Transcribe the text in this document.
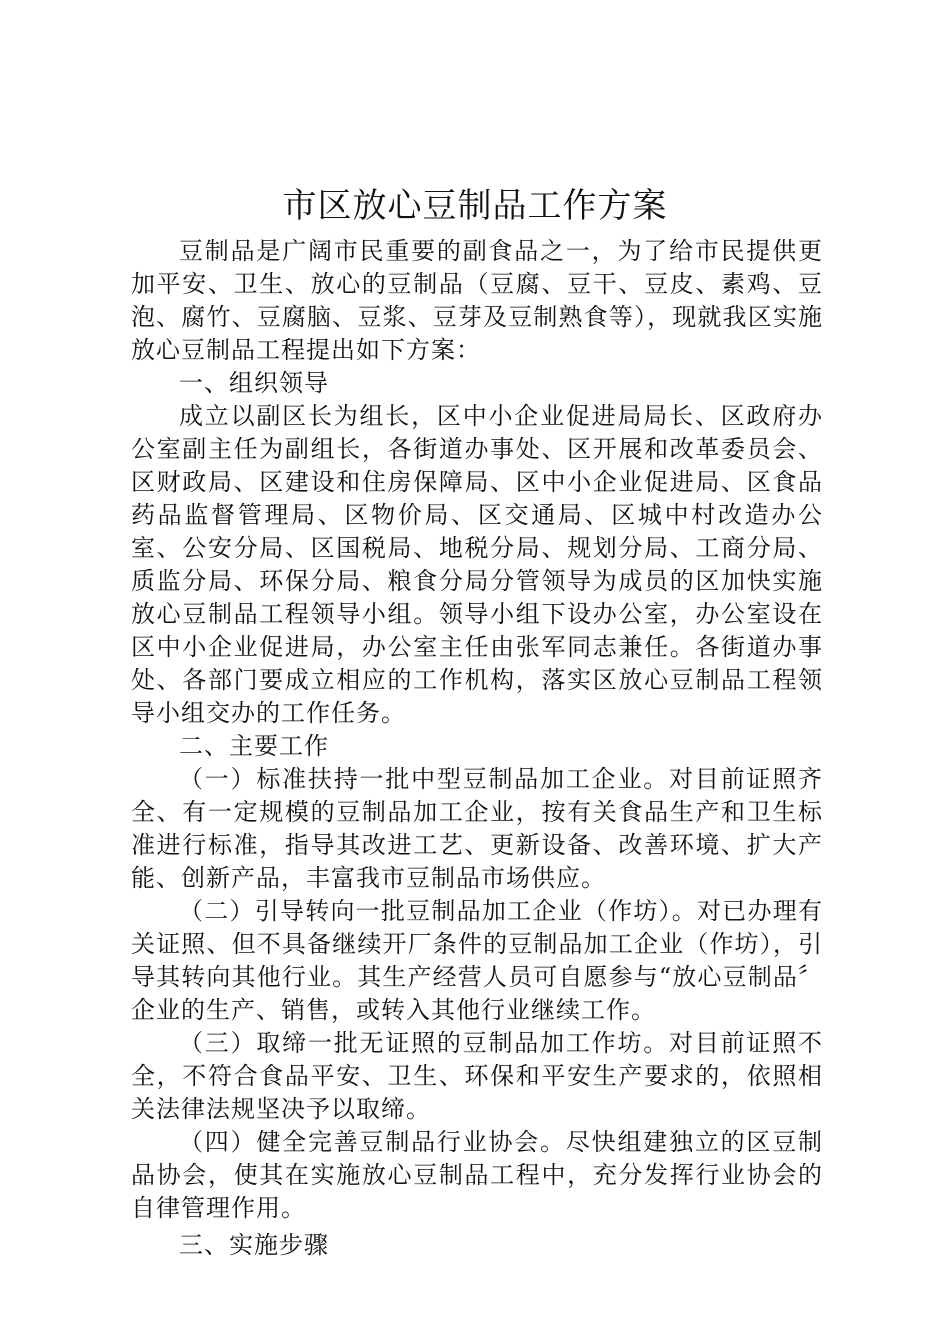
市区放心豆制品工作方案

豆制品是广阔市民重要的副食品之一，为了给市民提供更加平安、卫生、放心的豆制品（豆腐、豆干、豆皮、素鸡、豆泡、腐竹、豆腐脑、豆浆、豆芽及豆制熟食等），现就我区实施放心豆制品工程提出如下方案：

一、组织领导

成立以副区长为组长，区中小企业促进局局长、区政府办公室副主任为副组长，各街道办事处、区开展和改革委员会、区财政局、区建设和住房保障局、区中小企业促进局、区食品药品监督管理局、区物价局、区交通局、区城中村改造办公室、公安分局、区国税局、地税分局、规划分局、工商分局、质监分局、环保分局、粮食分局分管领导为成员的区加快实施放心豆制品工程领导小组。领导小组下设办公室，办公室设在区中小企业促进局，办公室主任由张军同志兼任。各街道办事处、各部门要成立相应的工作机构，落实区放心豆制品工程领导小组交办的工作任务。

二、主要工作

（一）标准扶持一批中型豆制品加工企业。对目前证照齐全、有一定规模的豆制品加工企业，按有关食品生产和卫生标准进行标准，指导其改进工艺、更新设备、改善环境、扩大产能、创新产品，丰富我市豆制品市场供应。

（二）引导转向一批豆制品加工企业（作坊）。对已办理有关证照、但不具备继续开厂条件的豆制品加工企业（作坊），引导其转向其他行业。其生产经营人员可自愿参与“放心豆制品〞企业的生产、销售，或转入其他行业继续工作。

（三）取缔一批无证照的豆制品加工作坊。对目前证照不全，不符合食品平安、卫生、环保和平安生产要求的，依照相关法律法规坚决予以取缔。

（四）健全完善豆制品行业协会。尽快组建独立的区豆制品协会，使其在实施放心豆制品工程中，充分发挥行业协会的自律管理作用。

三、实施步骤
